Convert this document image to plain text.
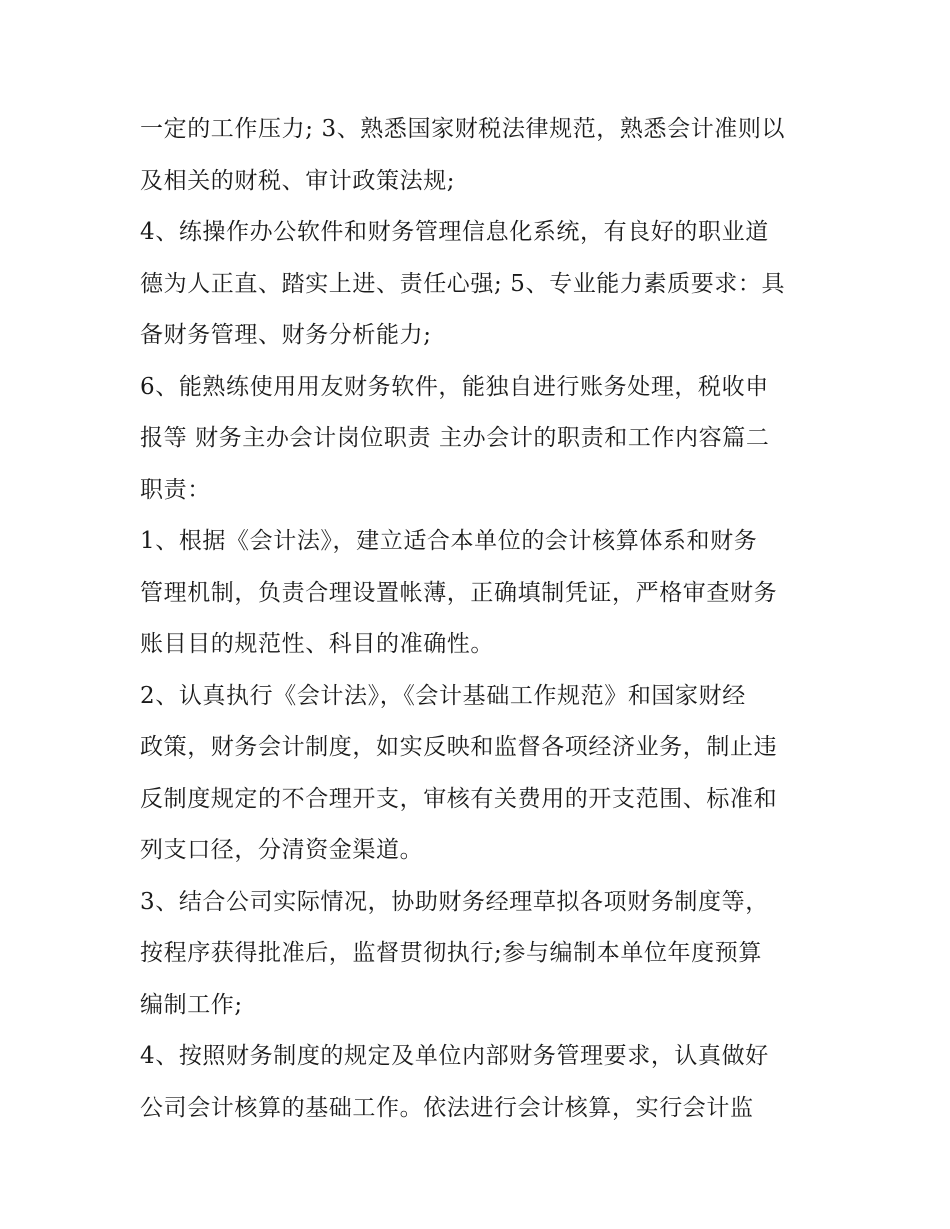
一定的工作压力; 3、熟悉国家财税法律规范，熟悉会计准则以
及相关的财税、审计政策法规;
4、练操作办公软件和财务管理信息化系统，有良好的职业道
德为人正直、踏实上进、责任心强; 5、专业能力素质要求：具
备财务管理、财务分析能力;
6、能熟练使用用友财务软件，能独自进行账务处理，税收申
报等 财务主办会计岗位职责 主办会计的职责和工作内容篇二
职责：
1、根据《会计法》，建立适合本单位的会计核算体系和财务
管理机制，负责合理设置帐薄，正确填制凭证，严格审查财务
账目目的规范性、科目的准确性。
2、认真执行《会计法》，《会计基础工作规范》和国家财经
政策，财务会计制度，如实反映和监督各项经济业务，制止违
反制度规定的不合理开支，审核有关费用的开支范围、标准和
列支口径，分清资金渠道。
3、结合公司实际情况，协助财务经理草拟各项财务制度等，
按程序获得批准后，监督贯彻执行;参与编制本单位年度预算
编制工作;
4、按照财务制度的规定及单位内部财务管理要求，认真做好
公司会计核算的基础工作。依法进行会计核算，实行会计监
